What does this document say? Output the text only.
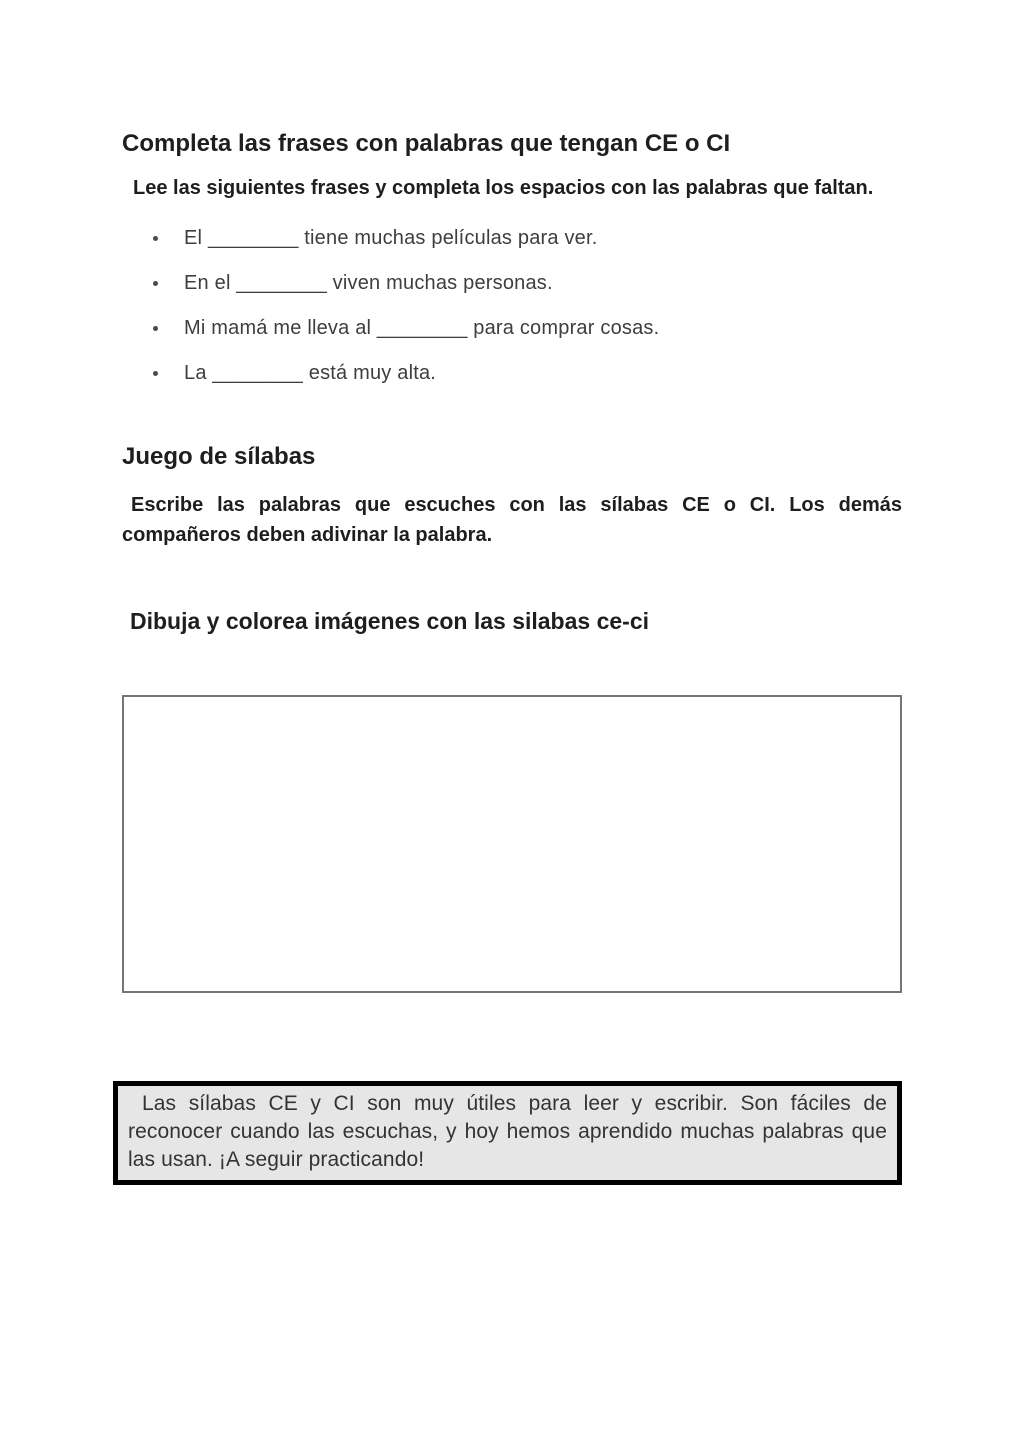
Completa las frases con palabras que tengan CE o CI
Lee las siguientes frases y completa los espacios con las palabras que faltan.
El ________ tiene muchas películas para ver.
En el ________ viven muchas personas.
Mi mamá me lleva al ________ para comprar cosas.
La ________ está muy alta.
Juego de sílabas
Escribe las palabras que escuches con las sílabas CE o CI. Los demás compañeros deben adivinar la palabra.
Dibuja y colorea imágenes con las silabas ce-ci
Las sílabas CE y CI son muy útiles para leer y escribir. Son fáciles de reconocer cuando las escuchas, y hoy hemos aprendido muchas palabras que las usan. ¡A seguir practicando!
